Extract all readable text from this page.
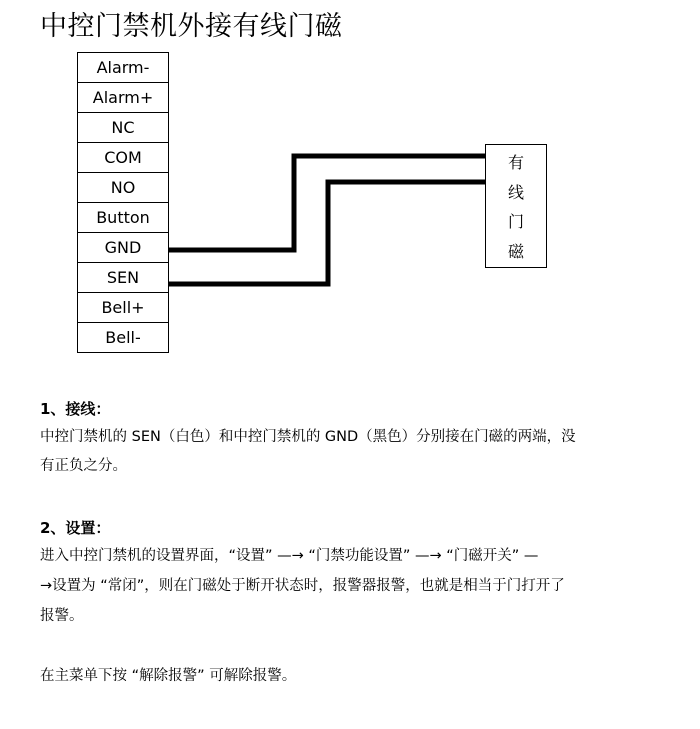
中控门禁机外接有线门磁
Alarm-
Alarm+
NC
COM
NO
Button
GND
SEN
Bell+
Bell-
有
线
门
磁
1、接线：
中控门禁机的 SEN（白色）和中控门禁机的 GND（黑色）分别接在门磁的两端，没
有正负之分。
2、设置：
进入中控门禁机的设置界面，“设置” —→ “门禁功能设置” —→ “门磁开关” —
→设置为 “常闭”，则在门磁处于断开状态时，报警器报警，也就是相当于门打开了
报警。
在主菜单下按 “解除报警” 可解除报警。
